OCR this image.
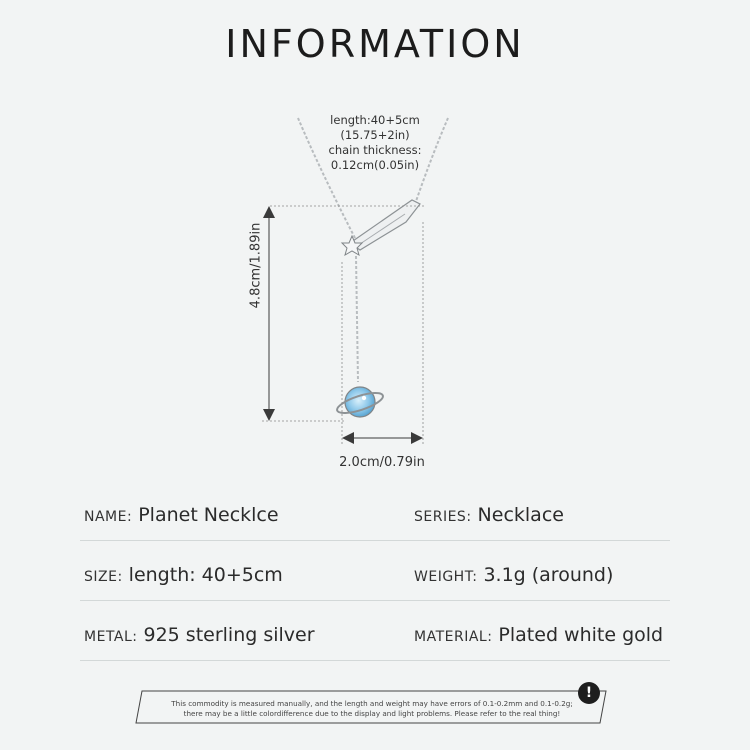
INFORMATION
length:40+5cm
(15.75+2in)
chain thickness:
0.12cm(0.05in)
4.8cm/1.89in
2.0cm/0.79in
NAME: Planet Necklce	SERIES: Necklace
SIZE: length: 40+5cm	WEIGHT: 3.1g (around)
METAL: 925 sterling silver	MATERIAL: Plated white gold
This commodity is measured manually, and the length and weight may have errors of 0.1-0.2mm and 0.1-0.2g;
there may be a little colordifference due to the display and light problems. Please refer to the real thing!
!
